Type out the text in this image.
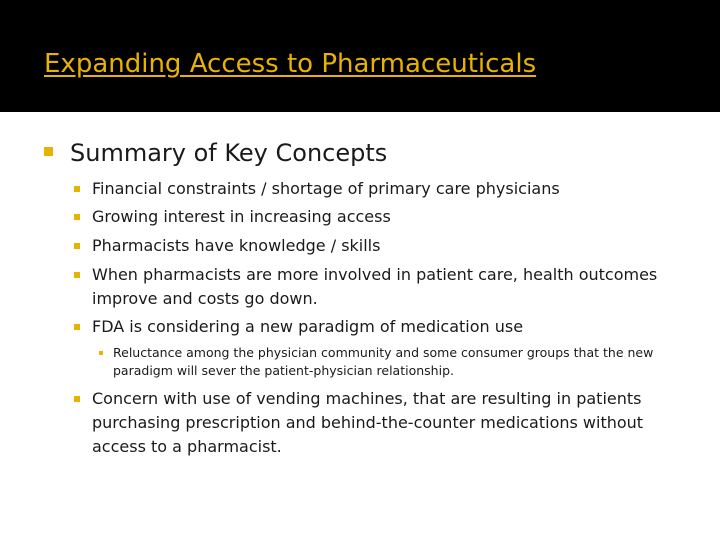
Expanding Access to Pharmaceuticals
Summary of Key Concepts
Financial constraints / shortage of primary care physicians
Growing interest in increasing access
Pharmacists have knowledge / skills
When pharmacists are more involved in patient care, health outcomes improve and costs go down.
FDA is considering a new paradigm of medication use
Reluctance among the physician community and some consumer groups that the new paradigm will sever the patient-physician relationship.
Concern with use of vending machines, that are resulting in patients purchasing prescription and behind-the-counter medications without access to a pharmacist.
